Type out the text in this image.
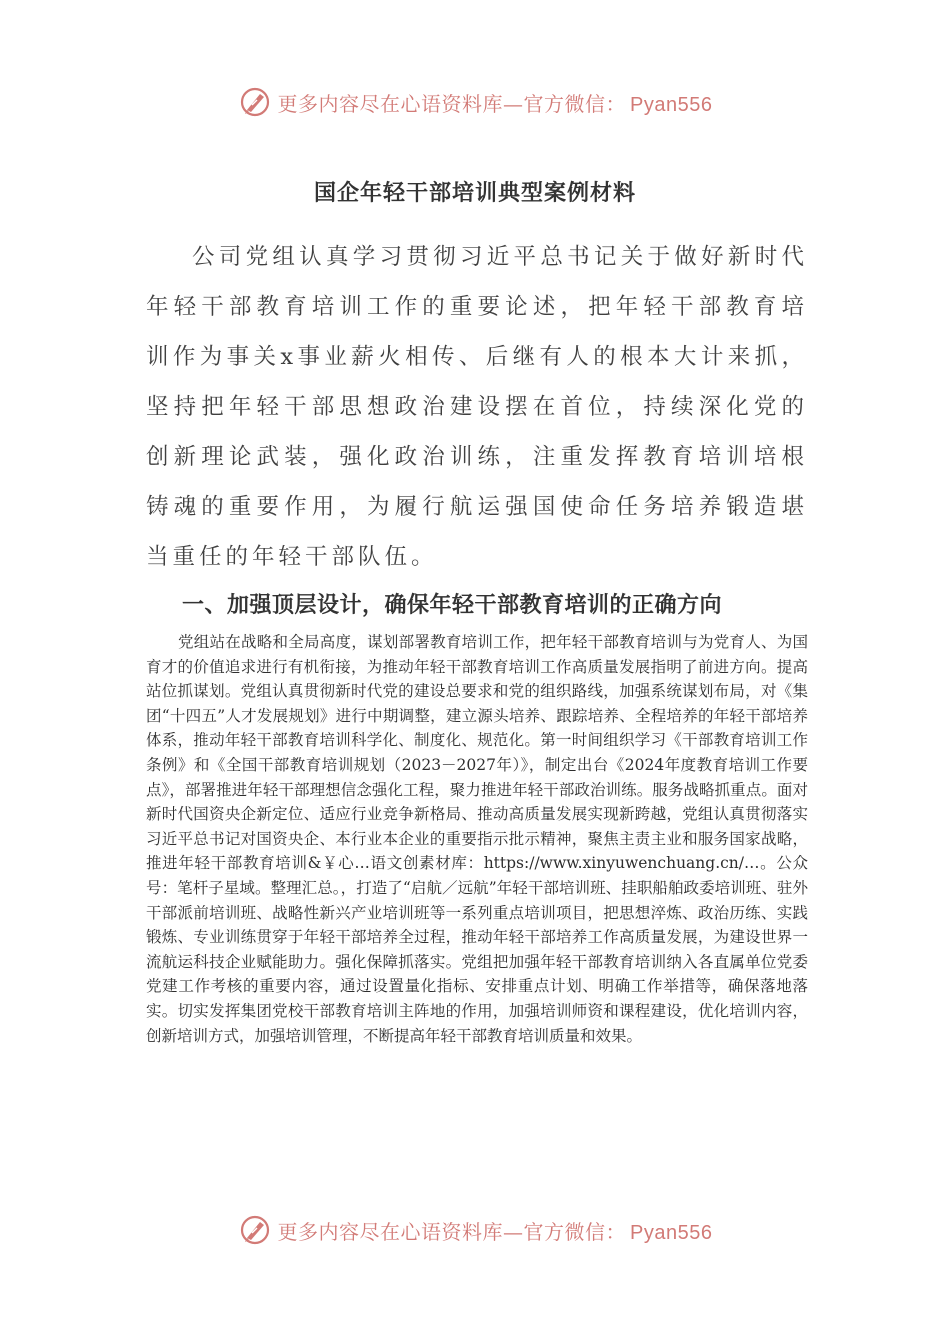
更多内容尽在心语资料库—官方微信： Pyan556
国企年轻干部培训典型案例材料

公司党组认真学习贯彻习近平总书记关于做好新时代年轻干部教育培训工作的重要论述，把年轻干部教育培训作为事关x事业薪火相传、后继有人的根本大计来抓，坚持把年轻干部思想政治建设摆在首位，持续深化党的创新理论武装，强化政治训练，注重发挥教育培训培根铸魂的重要作用，为履行航运强国使命任务培养锻造堪当重任的年轻干部队伍。

一、加强顶层设计，确保年轻干部教育培训的正确方向

党组站在战略和全局高度，谋划部署教育培训工作，把年轻干部教育培训与为党育人、为国育才的价值追求进行有机衔接，为推动年轻干部教育培训工作高质量发展指明了前进方向。提高站位抓谋划。党组认真贯彻新时代党的建设总要求和党的组织路线，加强系统谋划布局，对《集团“十四五”人才发展规划》进行中期调整，建立源头培养、跟踪培养、全程培养的年轻干部培养体系，推动年轻干部教育培训科学化、制度化、规范化。第一时间组织学习《干部教育培训工作条例》和《全国干部教育培训规划（2023－2027年）》，制定出台《2024年度教育培训工作要点》，部署推进年轻干部理想信念强化工程，聚力推进年轻干部政治训练。服务战略抓重点。面对新时代国资央企新定位、适应行业竞争新格局、推动高质量发展实现新跨越，党组认真贯彻落实习近平总书记对国资央企、本行业本企业的重要指示批示精神，聚焦主责主业和服务国家战略，推进年轻干部教育培训&￥心…语文创素材库：https://www.xinyuwenchuang.cn/…。公众号：笔杆子星域。整理汇总。，打造了“启航／远航”年轻干部培训班、挂职船舶政委培训班、驻外干部派前培训班、战略性新兴产业培训班等一系列重点培训项目，把思想淬炼、政治历练、实践锻炼、专业训练贯穿于年轻干部培养全过程，推动年轻干部培养工作高质量发展，为建设世界一流航运科技企业赋能助力。强化保障抓落实。党组把加强年轻干部教育培训纳入各直属单位党委党建工作考核的重要内容，通过设置量化指标、安排重点计划、明确工作举措等，确保落地落实。切实发挥集团党校干部教育培训主阵地的作用，加强培训师资和课程建设，优化培训内容，创新培训方式，加强培训管理，不断提高年轻干部教育培训质量和效果。

更多内容尽在心语资料库—官方微信： Pyan556
